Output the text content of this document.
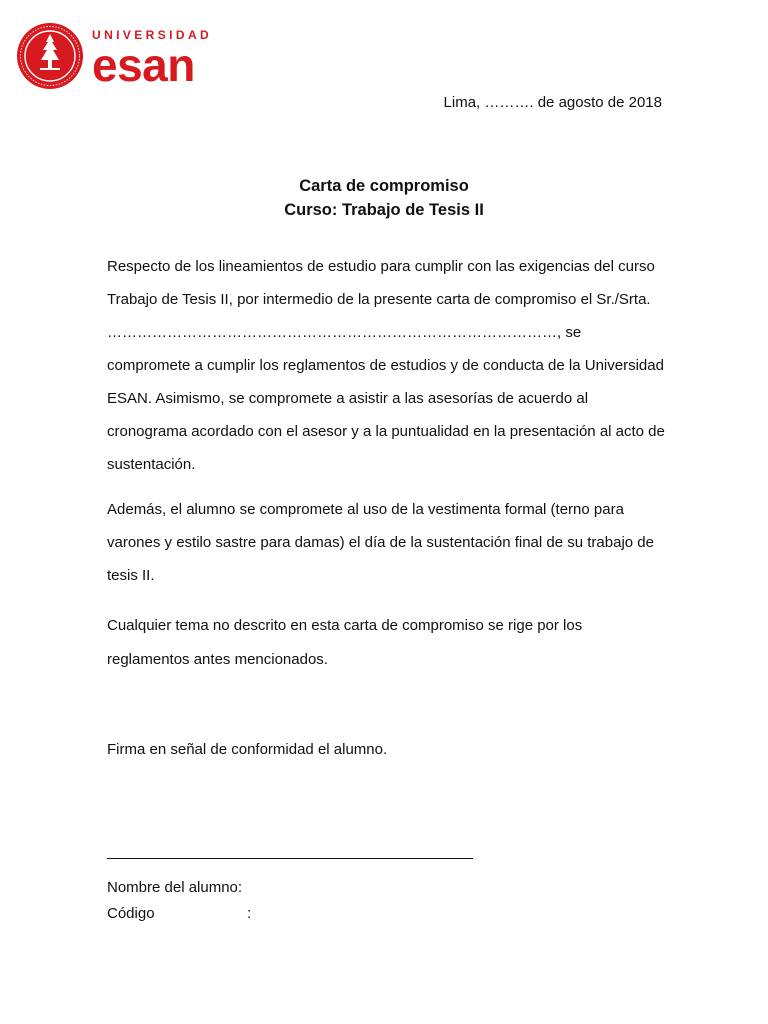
UNIVERSIDAD
esan
Lima, ………. de agosto de 2018
Carta de compromiso
Curso: Trabajo de Tesis II

Respecto de los lineamientos de estudio para cumplir con las exigencias del curso Trabajo de Tesis II, por intermedio de la presente carta de compromiso el Sr./Srta. ………………………………………………………………………………, se compromete a cumplir los reglamentos de estudios y de conducta de la Universidad ESAN. Asimismo, se compromete a asistir a las asesorías de acuerdo al cronograma acordado con el asesor y a la puntualidad en la presentación al acto de sustentación.

Además, el alumno se compromete al uso de la vestimenta formal (terno para varones y estilo sastre para damas) el día de la sustentación final de su trabajo de tesis II.

Cualquier tema no descrito en esta carta de compromiso se rige por los reglamentos antes mencionados.

Firma en señal de conformidad el alumno.
Nombre del alumno:
Código	:
